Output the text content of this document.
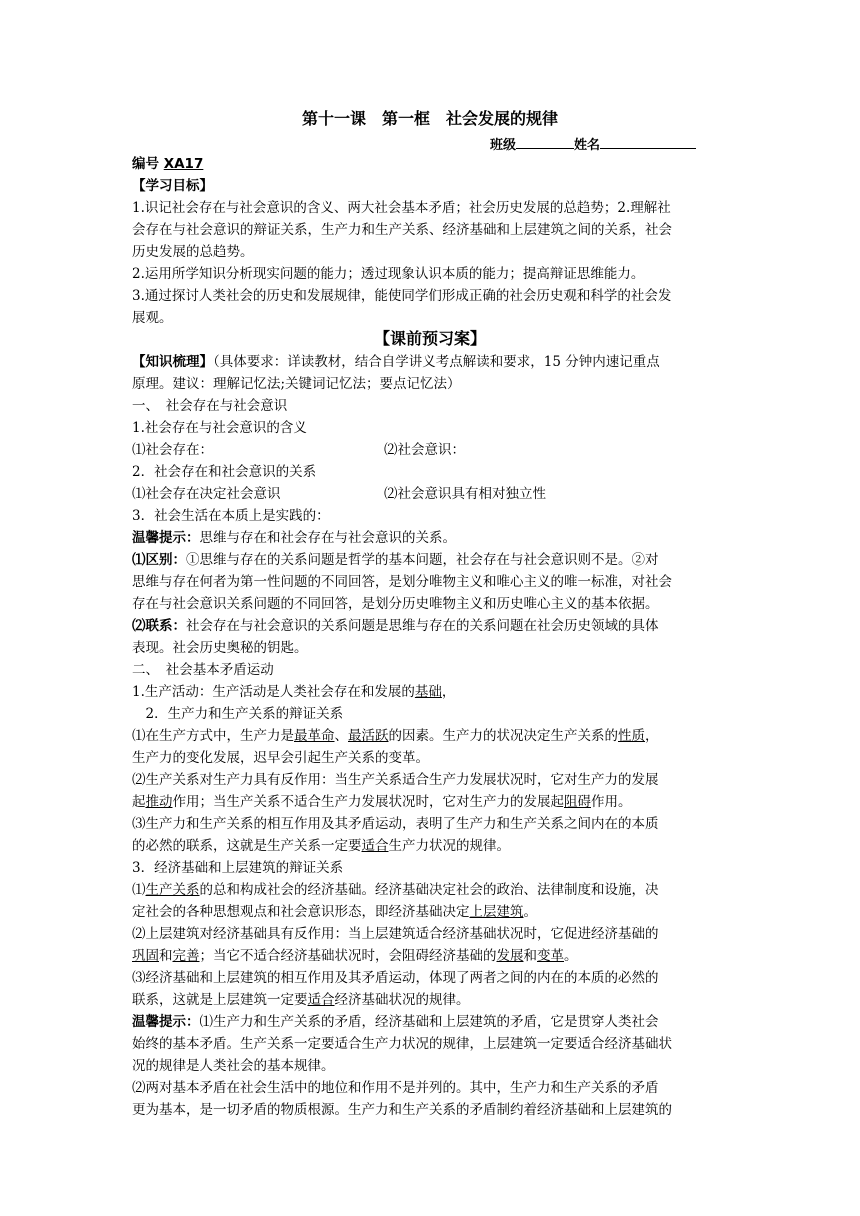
第十一课　第一框　社会发展的规律
班级	姓名
编号 XA17
【学习目标】
1.识记社会存在与社会意识的含义、两大社会基本矛盾；社会历史发展的总趋势；2.理解社
会存在与社会意识的辩证关系，生产力和生产关系、经济基础和上层建筑之间的关系，社会
历史发展的总趋势。
2.运用所学知识分析现实问题的能力；透过现象认识本质的能力；提高辩证思维能力。
3.通过探讨人类社会的历史和发展规律，能使同学们形成正确的社会历史观和科学的社会发
展观。
【课前预习案】
【知识梳理】（具体要求：详读教材，结合自学讲义考点解读和要求，15 分钟内速记重点
原理。建议：理解记忆法;关键词记忆法；要点记忆法）
一、　社会存在与社会意识
1.社会存在与社会意识的含义
⑴社会存在：	⑵社会意识：
2．社会存在和社会意识的关系
⑴社会存在决定社会意识	⑵社会意识具有相对独立性
3．社会生活在本质上是实践的：
温馨提示：思维与存在和社会存在与社会意识的关系。
⑴区别：①思维与存在的关系问题是哲学的基本问题，社会存在与社会意识则不是。②对
思维与存在何者为第一性问题的不同回答，是划分唯物主义和唯心主义的唯一标准，对社会
存在与社会意识关系问题的不同回答，是划分历史唯物主义和历史唯心主义的基本依据。
⑵联系：社会存在与社会意识的关系问题是思维与存在的关系问题在社会历史领域的具体
表现。社会历史奥秘的钥匙。
二、　社会基本矛盾运动
1.生产活动：生产活动是人类社会存在和发展的基础，
　2．生产力和生产关系的辩证关系
⑴在生产方式中，生产力是最革命、最活跃的因素。生产力的状况决定生产关系的性质，
生产力的变化发展，迟早会引起生产关系的变革。
⑵生产关系对生产力具有反作用：当生产关系适合生产力发展状况时，它对生产力的发展
起推动作用；当生产关系不适合生产力发展状况时，它对生产力的发展起阻碍作用。
⑶生产力和生产关系的相互作用及其矛盾运动，表明了生产力和生产关系之间内在的本质
的必然的联系，这就是生产关系一定要适合生产力状况的规律。
3．经济基础和上层建筑的辩证关系
⑴生产关系的总和构成社会的经济基础。经济基础决定社会的政治、法律制度和设施，决
定社会的各种思想观点和社会意识形态，即经济基础决定上层建筑。
⑵上层建筑对经济基础具有反作用：当上层建筑适合经济基础状况时，它促进经济基础的
巩固和完善；当它不适合经济基础状况时，会阻碍经济基础的发展和变革。
⑶经济基础和上层建筑的相互作用及其矛盾运动，体现了两者之间的内在的本质的必然的
联系，这就是上层建筑一定要适合经济基础状况的规律。
温馨提示：⑴生产力和生产关系的矛盾，经济基础和上层建筑的矛盾，它是贯穿人类社会
始终的基本矛盾。生产关系一定要适合生产力状况的规律，上层建筑一定要适合经济基础状
况的规律是人类社会的基本规律。
⑵两对基本矛盾在社会生活中的地位和作用不是并列的。其中，生产力和生产关系的矛盾
更为基本，是一切矛盾的物质根源。生产力和生产关系的矛盾制约着经济基础和上层建筑的
